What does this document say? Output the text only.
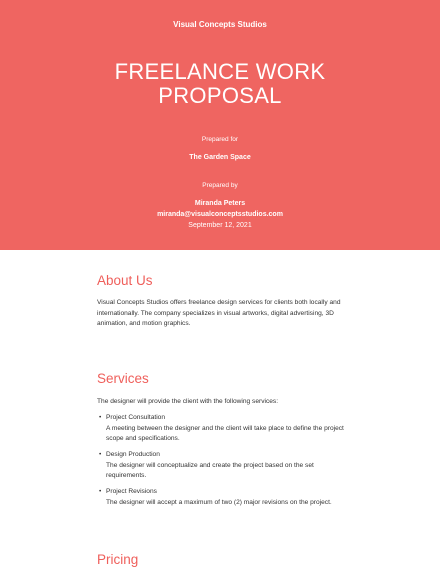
Visual Concepts Studios
FREELANCE WORK
PROPOSAL
Prepared for
The Garden Space
Prepared by
Miranda Peters
miranda@visualconceptsstudios.com
September 12, 2021
About Us
Visual Concepts Studios offers freelance design services for clients both locally and internationally. The company specializes in visual artworks, digital advertising, 3D animation, and motion graphics.
Services
The designer will provide the client with the following services:
• Project Consultation
A meeting between the designer and the client will take place to define the project scope and specifications.
• Design Production
The designer will conceptualize and create the project based on the set requirements.
• Project Revisions
The designer will accept a maximum of two (2) major revisions on the project.
Pricing
